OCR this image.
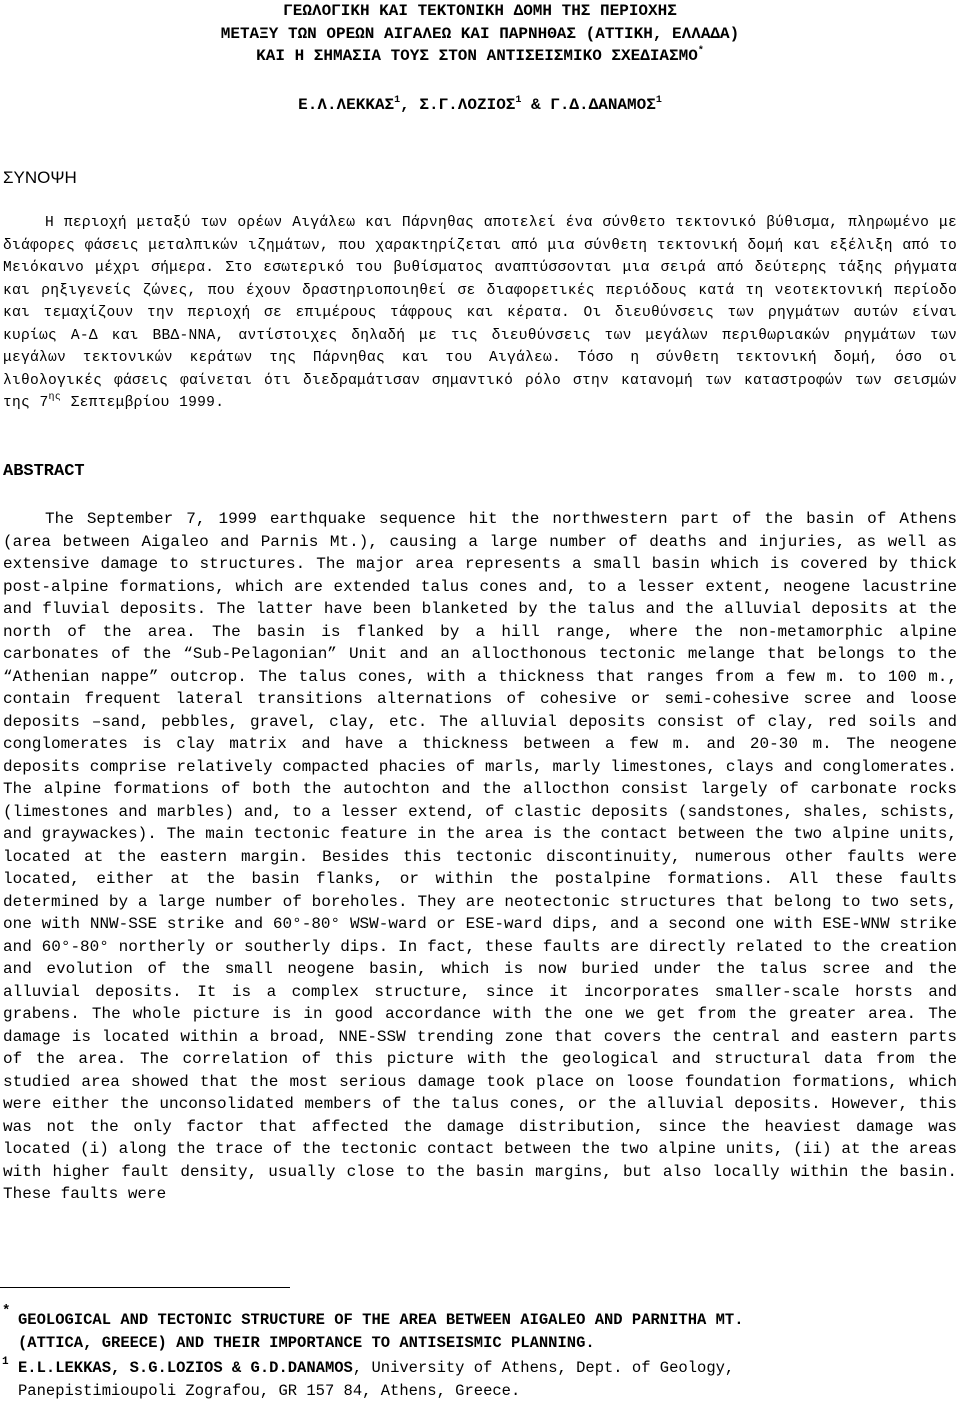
ΓΕΩΛΟΓΙΚΗ ΚΑΙ ΤΕΚΤΟΝΙΚΗ ΔΟΜΗ ΤΗΣ ΠΕΡΙΟΧΗΣ
ΜΕΤΑΞΥ ΤΩΝ ΟΡΕΩΝ ΑΙΓΑΛΕΩ ΚΑΙ ΠΑΡΝΗΘΑΣ (ΑΤΤΙΚΗ, ΕΛΛΑΔΑ)
ΚΑΙ Η ΣΗΜΑΣΙΑ ΤΟΥΣ ΣΤΟΝ ΑΝΤΙΣΕΙΣΜΙΚΟ ΣΧΕΔΙΑΣΜΟ*
Ε.Λ.ΛΕΚΚΑΣ$^1$, Σ.Γ.ΛΟΖΙΟΣ$^1$ & Γ.Δ.ΔΑΝΑΜΟΣ$^1$
ΣΥΝΟΨΗ

Η περιοχή μεταξύ των ορέων Αιγάλεω και Πάρνηθας αποτελεί ένα σύνθετο τεκτονικό βύθισμα, πληρωμένο με διάφορες φάσεις μεταλπικών ιζημάτων, που χαρακτηρίζεται από μια σύνθετη τεκτονική δομή και εξέλιξη από το Μειόκαινο μέχρι σήμερα. Στο εσωτερικό του βυθίσματος αναπτύσσονται μια σειρά από δεύτερης τάξης ρήγματα και ρηξιγενείς ζώνες, που έχουν δραστηριοποιηθεί σε διαφορετικές περιόδους κατά τη νεοτεκτονική περίοδο και τεμαχίζουν την περιοχή σε επιμέρους τάφρους και κέρατα. Οι διευθύνσεις των ρηγμάτων αυτών είναι κυρίως Α-Δ και ΒΒΔ-ΝΝΑ, αντίστοιχες δηλαδή με τις διευθύνσεις των μεγάλων περιθωριακών ρηγμάτων των μεγάλων τεκτονικών κεράτων της Πάρνηθας και του Αιγάλεω. Τόσο η σύνθετη τεκτονική δομή, όσο οι λιθολογικές φάσεις φαίνεται ότι διεδραμάτισαν σημαντικό ρόλο στην κατανομή των καταστροφών των σεισμών της $7^{\eta\varsigma}$ Σεπτεμβρίου 1999.

ABSTRACT

The September 7, 1999 earthquake sequence hit the northwestern part of the basin of Athens (area between Aigaleo and Parnis Mt.), causing a large number of deaths and injuries, as well as extensive damage to structures. The major area represents a small basin which is covered by thick post-alpine formations, which are extended talus cones and, to a lesser extent, neogene lacustrine and fluvial deposits. The latter have been blanketed by the talus and the alluvial deposits at the north of the area. The basin is flanked by a hill range, where the non-metamorphic alpine carbonates of the “Sub-Pelagonian” Unit and an allocthonous tectonic melange that belongs to the “Athenian nappe” outcrop. The talus cones, with a thickness that ranges from a few m. to 100 m., contain frequent lateral transitions alternations of cohesive or semi-cohesive scree and loose deposits –sand, pebbles, gravel, clay, etc. The alluvial deposits consist of clay, red soils and conglomerates is clay matrix and have a thickness between a few m. and 20-30 m. The neogene deposits comprise relatively compacted phacies of marls, marly limestones, clays and conglomerates. The alpine formations of both the autochton and the allocthon consist largely of carbonate rocks (limestones and marbles) and, to a lesser extend, of clastic deposits (sandstones, shales, schists, and graywackes). The main tectonic feature in the area is the contact between the two alpine units, located at the eastern margin. Besides this tectonic discontinuity, numerous other faults were located, either at the basin flanks, or within the postalpine formations. All these faults determined by a large number of boreholes. They are neotectonic structures that belong to two sets, one with NNW-SSE strike and 60°-80° WSW-ward or ESE-ward dips, and a second one with ESE-WNW strike and 60°-80° northerly or southerly dips. In fact, these faults are directly related to the creation and evolution of the small neogene basin, which is now buried under the talus scree and the alluvial deposits. It is a complex structure, since it incorporates smaller-scale horsts and grabens. The whole picture is in good accordance with the one we get from the greater area. The damage is located within a broad, NNE-SSW trending zone that covers the central and eastern parts of the area. The correlation of this picture with the geological and structural data from the studied area showed that the most serious damage took place on loose foundation formations, which were either the unconsolidated members of the talus cones, or the alluvial deposits. However, this was not the only factor that affected the damage distribution, since the heaviest damage was located (i) along the trace of the tectonic contact between the two alpine units, (ii) at the areas with higher fault density, usually close to the basin margins, but also locally within the basin. These faults were

* GEOLOGICAL AND TECTONIC STRUCTURE OF THE AREA BETWEEN AIGALEO AND PARNITHA MT.
(ATTICA, GREECE) AND THEIR IMPORTANCE TO ANTISEISMIC PLANNING.
1 E.L.LEKKAS, S.G.LOZIOS & G.D.DANAMOS, University of Athens, Dept. of Geology,
Panepistimioupoli Zografou, GR 157 84, Athens, Greece.
